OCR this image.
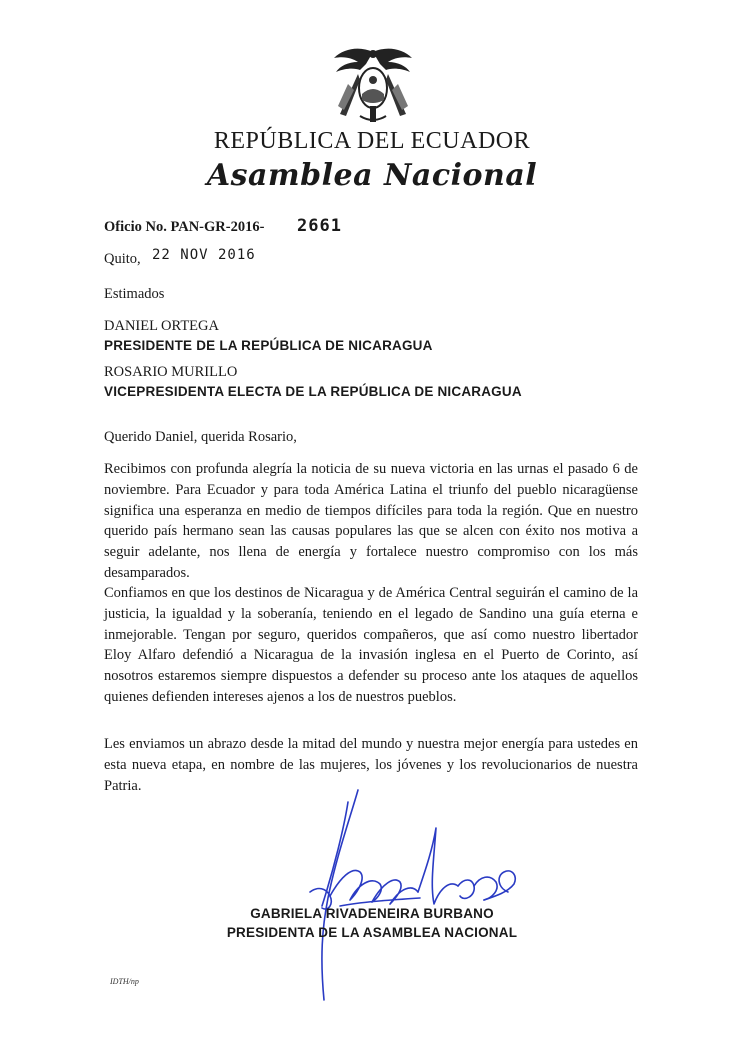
REPÚBLICA DEL ECUADOR
Asamblea Nacional
Oficio No. PAN-GR-2016- 2661
Quito, 22 NOV 2016
Estimados
DANIEL ORTEGA
PRESIDENTE DE LA REPÚBLICA DE NICARAGUA
ROSARIO MURILLO
VICEPRESIDENTA ELECTA DE LA REPÚBLICA DE NICARAGUA
Querido Daniel, querida Rosario,
Recibimos con profunda alegría la noticia de su nueva victoria en las urnas el pasado 6 de noviembre. Para Ecuador y para toda América Latina el triunfo del pueblo nicaragüense significa una esperanza en medio de tiempos difíciles para toda la región. Que en nuestro querido país hermano sean las causas populares las que se alcen con éxito nos motiva a seguir adelante, nos llena de energía y fortalece nuestro compromiso con los más desamparados.
Confiamos en que los destinos de Nicaragua y de América Central seguirán el camino de la justicia, la igualdad y la soberanía, teniendo en el legado de Sandino una guía eterna e inmejorable. Tengan por seguro, queridos compañeros, que así como nuestro libertador Eloy Alfaro defendió a Nicaragua de la invasión inglesa en el Puerto de Corinto, así nosotros estaremos siempre dispuestos a defender su proceso ante los ataques de aquellos quienes defienden intereses ajenos a los de nuestros pueblos.
Les enviamos un abrazo desde la mitad del mundo y nuestra mejor energía para ustedes en esta nueva etapa, en nombre de las mujeres, los jóvenes y los revolucionarios de nuestra Patria.
GABRIELA RIVADENEIRA BURBANO
PRESIDENTA DE LA ASAMBLEA NACIONAL
IDTH/np
